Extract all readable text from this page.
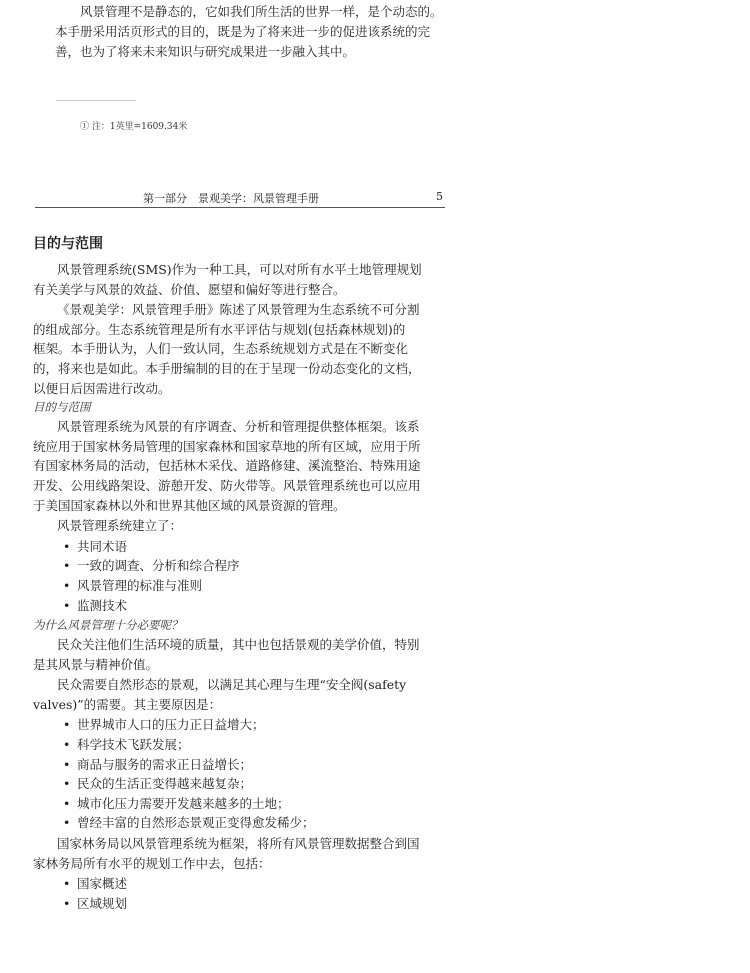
风景管理不是静态的，它如我们所生活的世界一样，是个动态的。
本手册采用活页形式的目的，既是为了将来进一步的促进该系统的完
善，也为了将来未来知识与研究成果进一步融入其中。
① 注：1英里=1609.34米
第一部分　景观美学：风景管理手册	5
目的与范围
风景管理系统(SMS)作为一种工具，可以对所有水平土地管理规划
有关美学与风景的效益、价值、愿望和偏好等进行整合。
《景观美学：风景管理手册》陈述了风景管理为生态系统不可分割
的组成部分。生态系统管理是所有水平评估与规划(包括森林规划)的
框架。本手册认为，人们一致认同，生态系统规划方式是在不断变化
的，将来也是如此。本手册编制的目的在于呈现一份动态变化的文档，
以便日后因需进行改动。

目的与范围

风景管理系统为风景的有序调查、分析和管理提供整体框架。该系
统应用于国家林务局管理的国家森林和国家草地的所有区域，应用于所
有国家林务局的活动，包括林木采伐、道路修建、溪流整治、特殊用途
开发、公用线路架设、游憩开发、防火带等。风景管理系统也可以应用
于美国国家森林以外和世界其他区域的风景资源的管理。
风景管理系统建立了：
• 共同术语
• 一致的调查、分析和综合程序
• 风景管理的标准与准则
• 监测技术

为什么风景管理十分必要呢？

民众关注他们生活环境的质量，其中也包括景观的美学价值，特别
是其风景与精神价值。
民众需要自然形态的景观，以满足其心理与生理“安全阀(safety
valves)”的需要。其主要原因是：
• 世界城市人口的压力正日益增大；
• 科学技术飞跃发展；
• 商品与服务的需求正日益增长；
• 民众的生活正变得越来越复杂；
• 城市化压力需要开发越来越多的土地；
• 曾经丰富的自然形态景观正变得愈发稀少；
国家林务局以风景管理系统为框架，将所有风景管理数据整合到国
家林务局所有水平的规划工作中去，包括：
• 国家概述
• 区域规划
